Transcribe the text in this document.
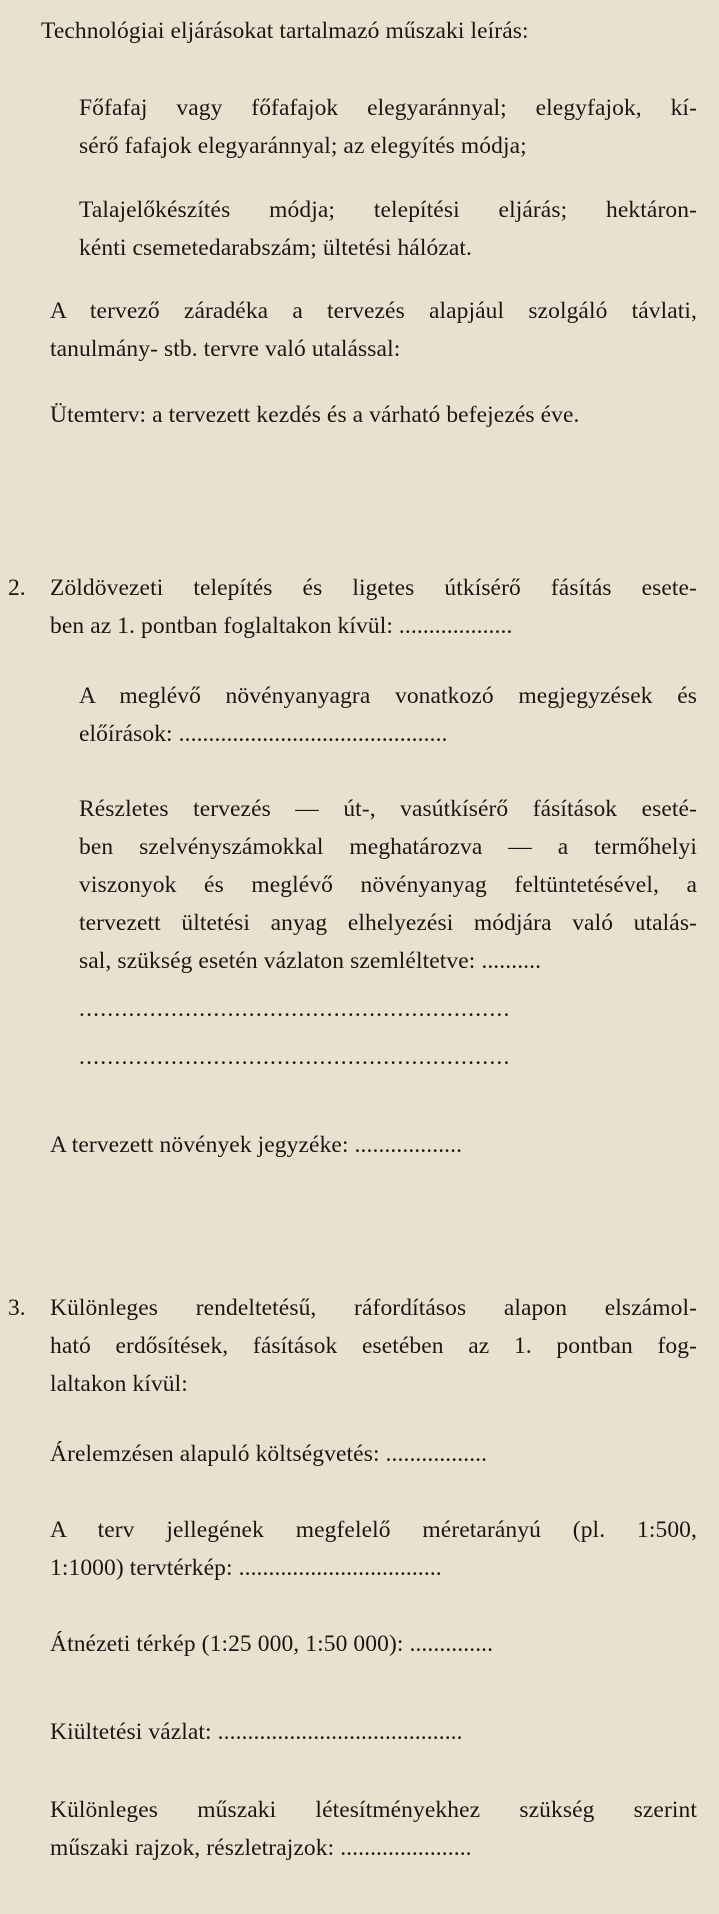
Technológiai eljárásokat tartalmazó műszaki leírás:
Főfafaj vagy főfafajok elegyaránnyal; elegyfajok, kí-
sérő fafajok elegyaránnyal; az elegyítés módja;
Talajelőkészítés módja; telepítési eljárás; hektáron-
kénti csemetedarabszám; ültetési hálózat.
A tervező záradéka a tervezés alapjául szolgáló távlati,
tanulmány- stb. tervre való utalással:
Ütemterv: a tervezett kezdés és a várható befejezés éve.
2. Zöldövezeti telepítés és ligetes útkísérő fásítás esete-
ben az 1. pontban foglaltakon kívül: ...................
A meglévő növényanyagra vonatkozó megjegyzések és
előírások: .............................................
Részletes tervezés — út-, vasútkísérő fásítások eseté-
ben szelvényszámokkal meghatározva — a termőhelyi
viszonyok és meglévő növényanyag feltüntetésével, a
tervezett ültetési anyag elhelyezési módjára való utalás-
sal, szükség esetén vázlaton szemléltetve: ..........
.............................................................
.............................................................
A tervezett növények jegyzéke: ..................
3. Különleges rendeltetésű, ráfordításos alapon elszámol-
ható erdősítések, fásítások esetében az 1. pontban fog-
laltakon kívül:
Árelemzésen alapuló költségvetés: .................
A terv jellegének megfelelő méretarányú (pl. 1:500,
1:1000) tervtérkép: ..................................
Átnézeti térkép (1:25 000, 1:50 000): ..............
Kiültetési vázlat: .........................................
Különleges műszaki létesítményekhez szükség szerint
műszaki rajzok, részletrajzok: ......................
